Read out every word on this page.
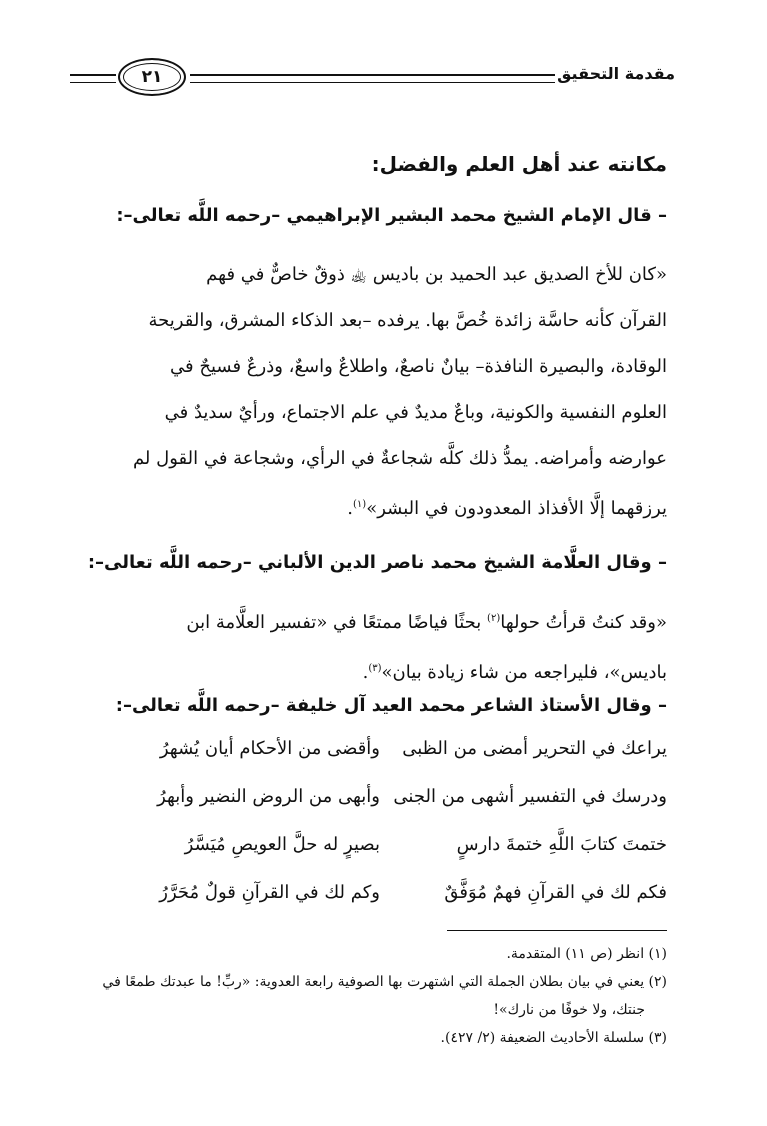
مقدمة التحقيق
٢١
مكانته عند أهل العلم والفضل:
– قال الإمام الشيخ محمد البشير الإبراهيمي –رحمه اللَّه تعالى–:
«كان للأخ الصديق عبد الحميد بن باديس ﵀ ذوقٌ خاصٌّ في فهم
القرآن كأنه حاسَّة زائدة خُصَّ بها. يرفده –بعد الذكاء المشرق، والقريحة
الوقادة، والبصيرة النافذة– بيانٌ ناصعٌ، واطلاعٌ واسعٌ، وذرعٌ فسيحٌ في
العلوم النفسية والكونية، وباعٌ مديدٌ في علم الاجتماع، ورأيٌ سديدٌ في
عوارضه وأمراضه. يمدُّ ذلك كلَّه شجاعةٌ في الرأي، وشجاعة في القول لم
يرزقهما إلَّا الأفذاذ المعدودون في البشر»$^{(١)}$.
– وقال العلَّامة الشيخ محمد ناصر الدين الألباني –رحمه اللَّه تعالى–:
«وقد كنتُ قرأتُ حولها$^{(٢)}$ بحثًا فياضًا ممتعًا في «تفسير العلَّامة ابن
باديس»، فليراجعه من شاء زيادة بيان»$^{(٣)}$.
– وقال الأستاذ الشاعر محمد العيد آل خليفة –رحمه اللَّه تعالى–:
يراعك في التحرير أمضى من الظبى
وأقضى من الأحكام أيان يُشهرُ
ودرسك في التفسير أشهى من الجنى
وأبهى من الروض النضير وأبهرُ
ختمتَ كتابَ اللَّهِ ختمةَ دارسٍ
بصيرٍ له حلَّ العويصِ مُيَسَّرُ
فكم لك في القرآنِ فهمٌ مُوَفَّقٌ
وكم لك في القرآنِ قولٌ مُحَرَّرُ
(١) انظر (ص ١١) المتقدمة.
(٢) يعني في بيان بطلان الجملة التي اشتهرت بها الصوفية رابعة العدوية: «ربِّ! ما عبدتك طمعًا في
جنتك، ولا خوفًا من نارك»!
(٣) سلسلة الأحاديث الضعيفة (٢/ ٤٢٧).
